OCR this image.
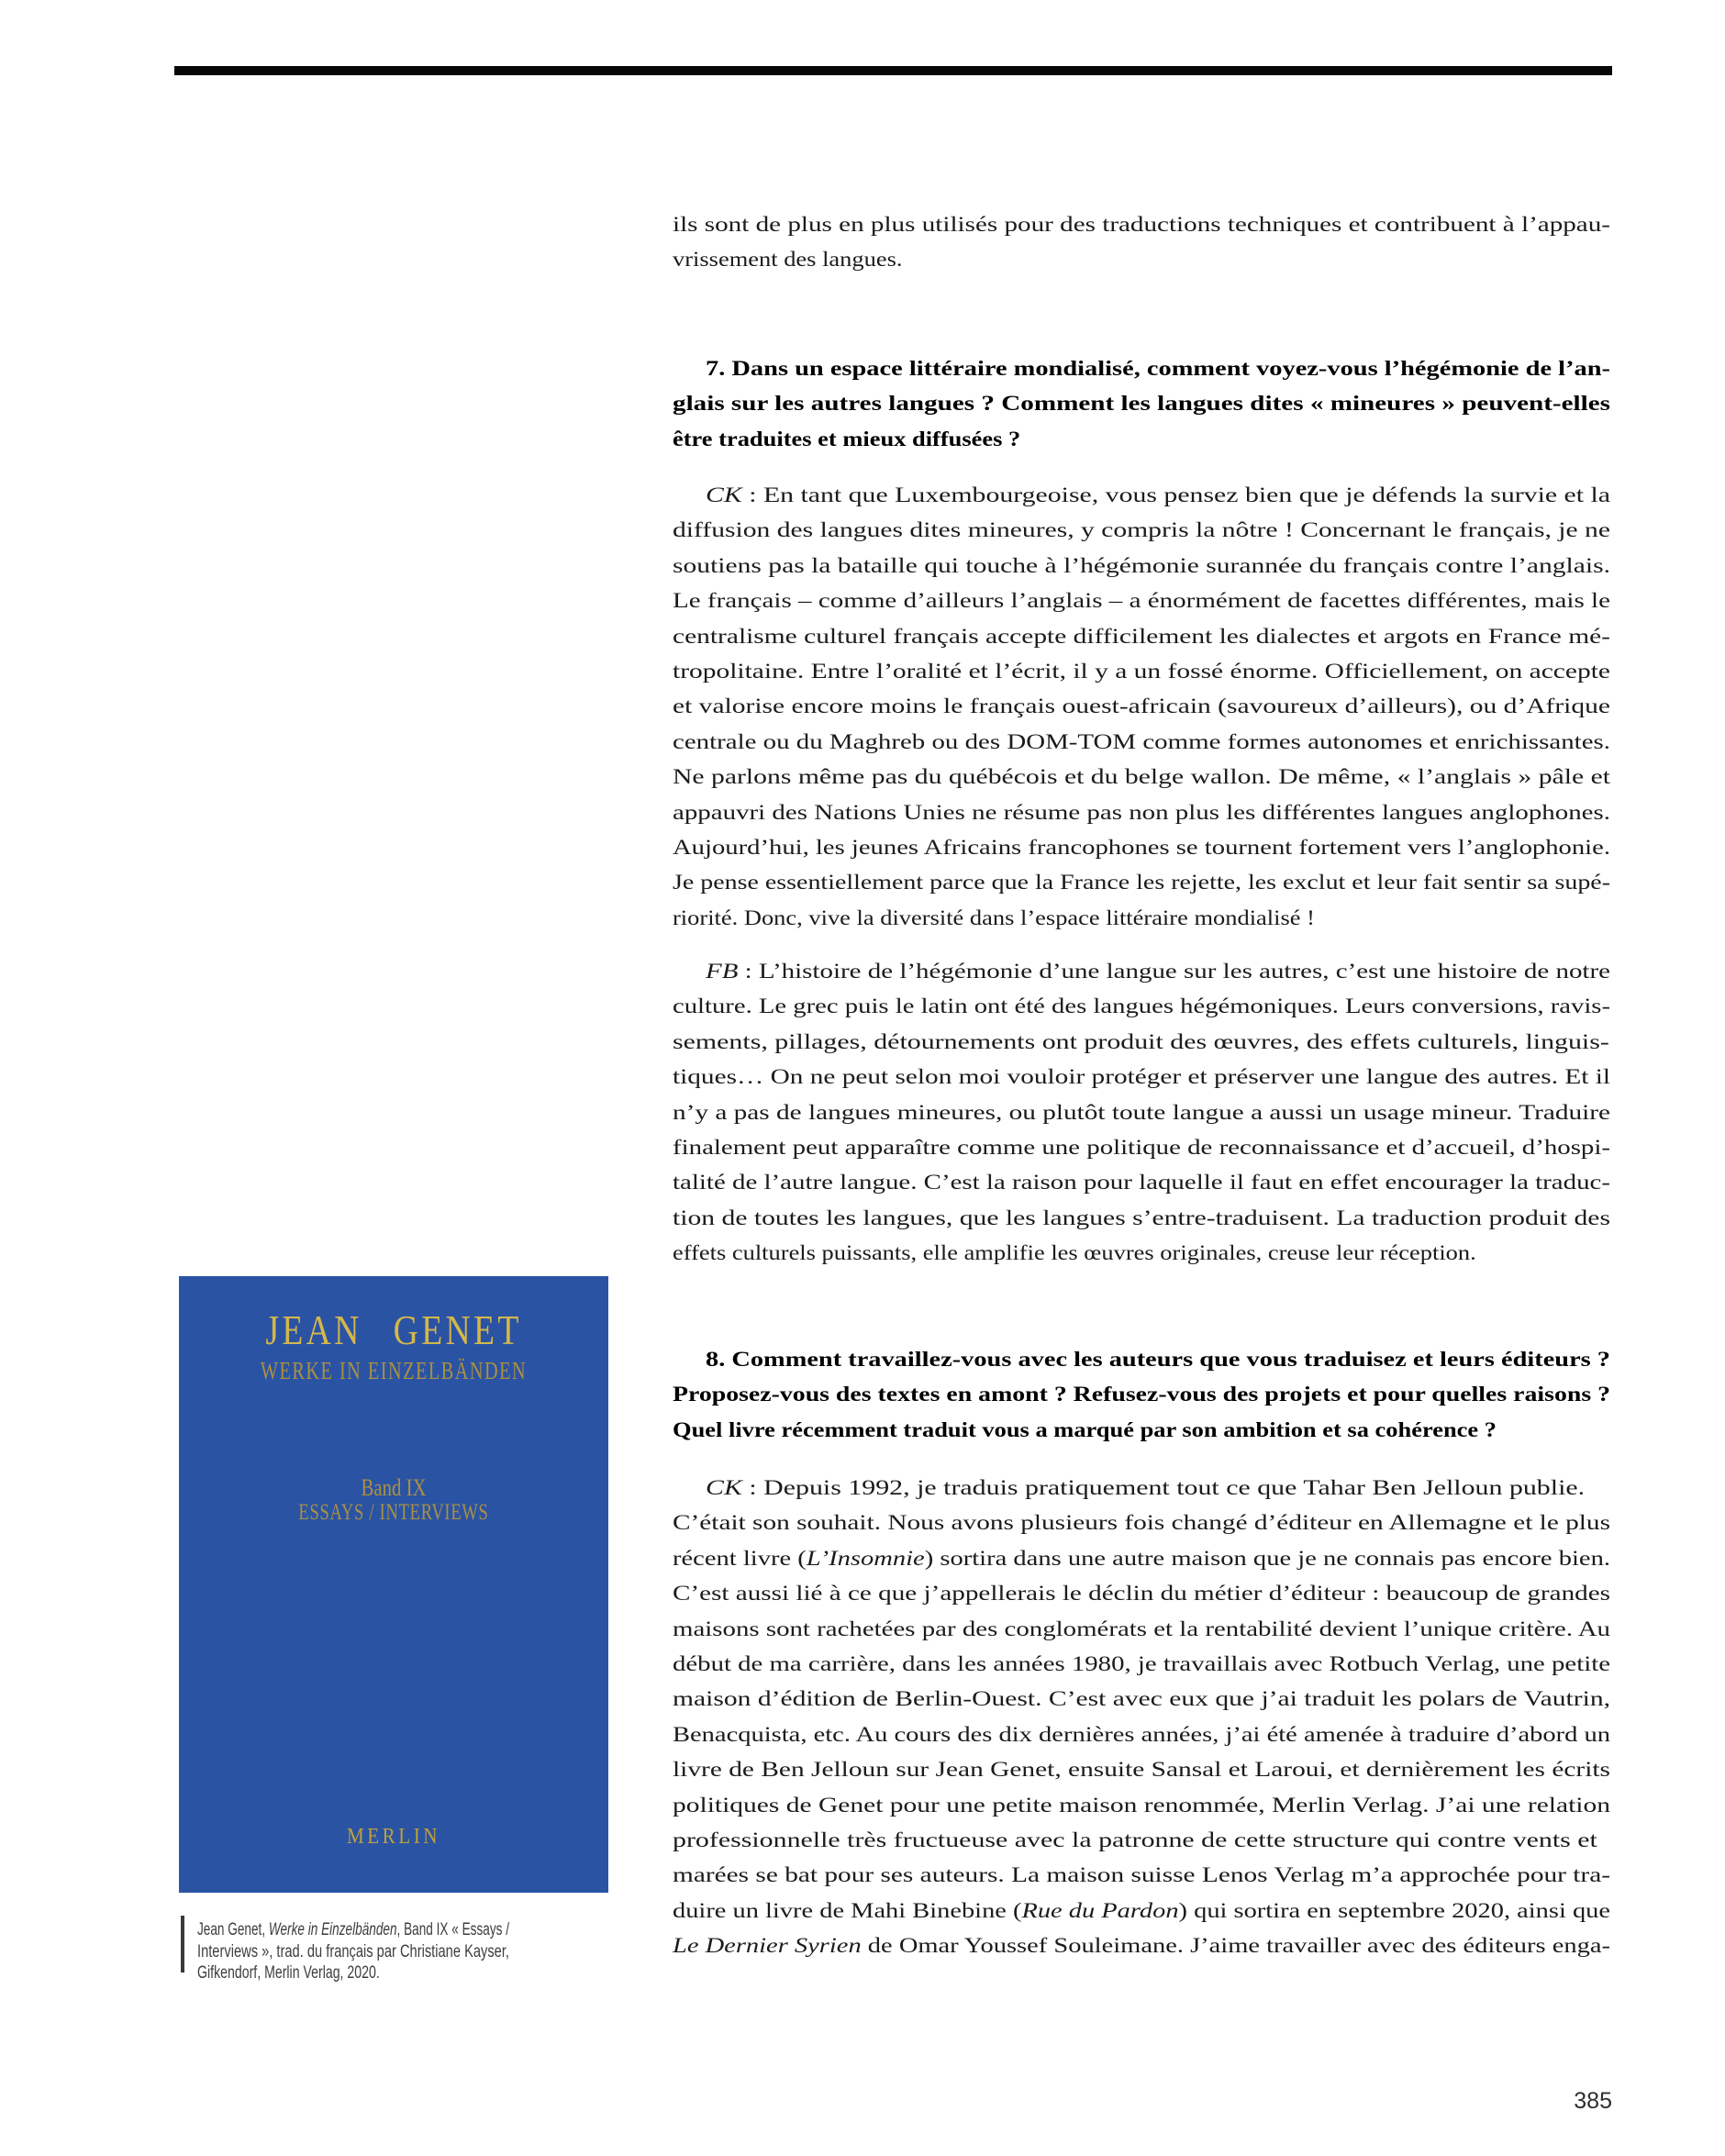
JEAN GENET
WERKE IN EINZELBÄNDEN
Band IX
ESSAYS / INTERVIEWS
MERLIN
385
ils sont de plus en plus utilisés pour des traductions techniques et contribuent à l’appau-
vrissement des langues.
7. Dans un espace littéraire mondialisé, comment voyez-vous l’hégémonie de l’an-
glais sur les autres langues ? Comment les langues dites « mineures » peuvent-elles
être traduites et mieux diffusées ?
CK : En tant que Luxembourgeoise, vous pensez bien que je défends la survie et la
diffusion des langues dites mineures, y compris la nôtre ! Concernant le français, je ne
soutiens pas la bataille qui touche à l’hégémonie surannée du français contre l’anglais.
Le français – comme d’ailleurs l’anglais – a énormément de facettes différentes, mais le
centralisme culturel français accepte difficilement les dialectes et argots en France mé-
tropolitaine. Entre l’oralité et l’écrit, il y a un fossé énorme. Officiellement, on accepte
et valorise encore moins le français ouest-africain (savoureux d’ailleurs), ou d’Afrique
centrale ou du Maghreb ou des DOM-TOM comme formes autonomes et enrichissantes.
Ne parlons même pas du québécois et du belge wallon. De même, « l’anglais » pâle et
appauvri des Nations Unies ne résume pas non plus les différentes langues anglophones.
Aujourd’hui, les jeunes Africains francophones se tournent fortement vers l’anglophonie.
Je pense essentiellement parce que la France les rejette, les exclut et leur fait sentir sa supé-
riorité. Donc, vive la diversité dans l’espace littéraire mondialisé !
FB : L’histoire de l’hégémonie d’une langue sur les autres, c’est une histoire de notre
culture. Le grec puis le latin ont été des langues hégémoniques. Leurs conversions, ravis-
sements, pillages, détournements ont produit des œuvres, des effets culturels, linguis-
tiques… On ne peut selon moi vouloir protéger et préserver une langue des autres. Et il
n’y a pas de langues mineures, ou plutôt toute langue a aussi un usage mineur. Traduire
finalement peut apparaître comme une politique de reconnaissance et d’accueil, d’hospi-
talité de l’autre langue. C’est la raison pour laquelle il faut en effet encourager la traduc-
tion de toutes les langues, que les langues s’entre-traduisent. La traduction produit des
effets culturels puissants, elle amplifie les œuvres originales, creuse leur réception.
8. Comment travaillez-vous avec les auteurs que vous traduisez et leurs éditeurs ?
Proposez-vous des textes en amont ? Refusez-vous des projets et pour quelles raisons ?
Quel livre récemment traduit vous a marqué par son ambition et sa cohérence ?
CK : Depuis 1992, je traduis pratiquement tout ce que Tahar Ben Jelloun publie.
C’était son souhait. Nous avons plusieurs fois changé d’éditeur en Allemagne et le plus
récent livre (L’Insomnie) sortira dans une autre maison que je ne connais pas encore bien.
C’est aussi lié à ce que j’appellerais le déclin du métier d’éditeur : beaucoup de grandes
maisons sont rachetées par des conglomérats et la rentabilité devient l’unique critère. Au
début de ma carrière, dans les années 1980, je travaillais avec Rotbuch Verlag, une petite
maison d’édition de Berlin-Ouest. C’est avec eux que j’ai traduit les polars de Vautrin,
Benacquista, etc. Au cours des dix dernières années, j’ai été amenée à traduire d’abord un
livre de Ben Jelloun sur Jean Genet, ensuite Sansal et Laroui, et dernièrement les écrits
politiques de Genet pour une petite maison renommée, Merlin Verlag. J’ai une relation
professionnelle très fructueuse avec la patronne de cette structure qui contre vents et
marées se bat pour ses auteurs. La maison suisse Lenos Verlag m’a approchée pour tra-
duire un livre de Mahi Binebine (Rue du Pardon) qui sortira en septembre 2020, ainsi que
Le Dernier Syrien de Omar Youssef Souleimane. J’aime travailler avec des éditeurs enga-
Jean Genet, Werke in Einzelbänden, Band IX « Essays /
Interviews », trad. du français par Christiane Kayser,
Gifkendorf, Merlin Verlag, 2020.
